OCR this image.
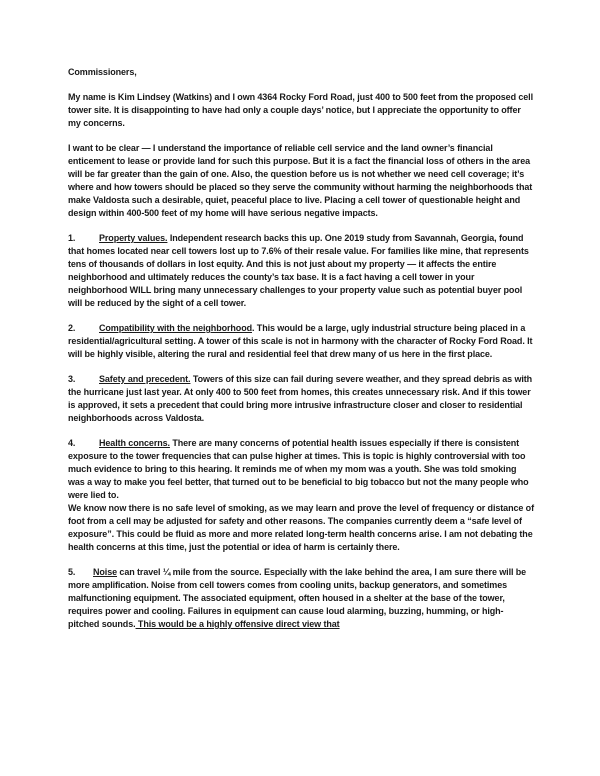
Commissioners,

My name is Kim Lindsey (Watkins) and I own 4364 Rocky Ford Road, just 400 to 500 feet from the proposed cell tower site. It is disappointing to have had only a couple days’ notice, but I appreciate the opportunity to offer my concerns.

I want to be clear — I understand the importance of reliable cell service and the land owner’s financial enticement to lease or provide land for such this purpose. But it is a fact the financial loss of others in the area will be far greater than the gain of one. Also, the question before us is not whether we need cell coverage; it’s where and how towers should be placed so they serve the community without harming the neighborhoods that make Valdosta such a desirable, quiet, peaceful place to live. Placing a cell tower of questionable height and design within 400-500 feet of my home will have serious negative impacts.

1.	Property values. Independent research backs this up. One 2019 study from Savannah, Georgia, found that homes located near cell towers lost up to 7.6% of their resale value. For families like mine, that represents tens of thousands of dollars in lost equity. And this is not just about my property — it affects the entire neighborhood and ultimately reduces the county’s tax base. It is a fact having a cell tower in your neighborhood WILL bring many unnecessary challenges to your property value such as potential buyer pool will be reduced by the sight of a cell tower.

2.	Compatibility with the neighborhood. This would be a large, ugly industrial structure being placed in a residential/agricultural setting. A tower of this scale is not in harmony with the character of Rocky Ford Road. It will be highly visible, altering the rural and residential feel that drew many of us here in the first place.

3.	Safety and precedent. Towers of this size can fail during severe weather, and they spread debris as with the hurricane just last year. At only 400 to 500 feet from homes, this creates unnecessary risk. And if this tower is approved, it sets a precedent that could bring more intrusive infrastructure closer and closer to residential neighborhoods across Valdosta.

4.	Health concerns. There are many concerns of potential health issues especially if there is consistent exposure to the tower frequencies that can pulse higher at times. This is topic is highly controversial with too much evidence to bring to this hearing. It reminds me of when my mom was a youth. She was told smoking was a way to make you feel better, that turned out to be beneficial to big tobacco but not the many people who were lied to.
We know now there is no safe level of smoking, as we may learn and prove the level of frequency or distance of foot from a cell may be adjusted for safety and other reasons. The companies currently deem a “safe level of exposure”. This could be fluid as more and more related long-term health concerns arise. I am not debating the health concerns at this time, just the potential or idea of harm is certainly there.

5. Noise can travel ¼ mile from the source. Especially with the lake behind the area, I am sure there will be more amplification. Noise from cell towers comes from cooling units, backup generators, and sometimes malfunctioning equipment. The associated equipment, often housed in a shelter at the base of the tower, requires power and cooling. Failures in equipment can cause loud alarming, buzzing, humming, or high-pitched sounds. This would be a highly offensive direct view that
